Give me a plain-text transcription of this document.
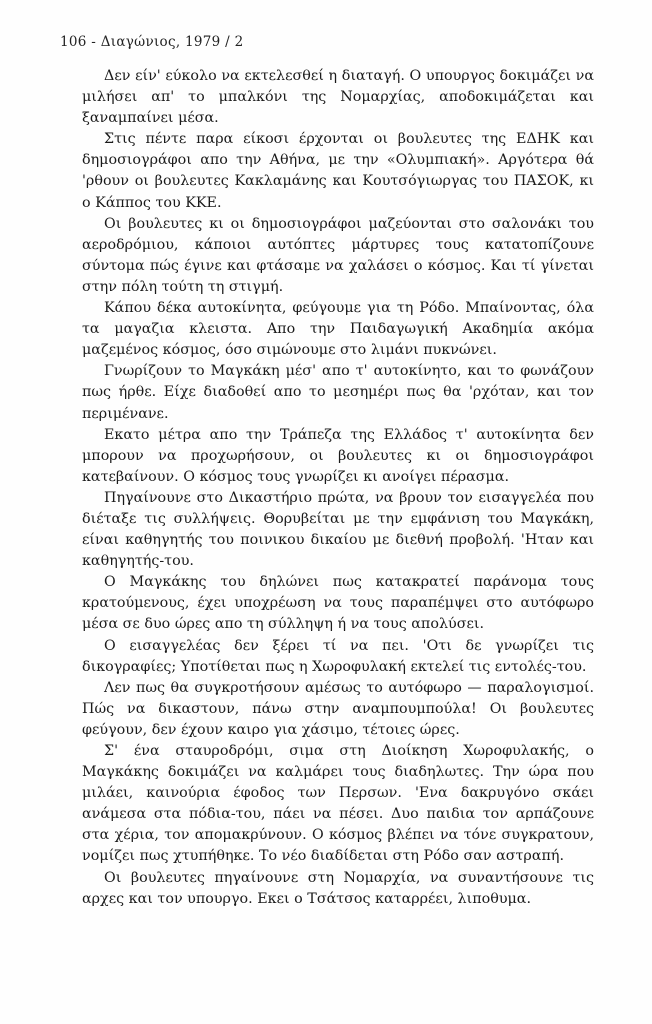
106 - Διαγώνιος, 1979 / 2

Δεν είν' εύκολο να εκτελεσθεί η διαταγή. Ο υπουργος δοκιμάζει να μιλήσει απ' το μπαλκόνι της Νομαρχίας, αποδοκιμάζεται και ξαναμπαίνει μέσα.

Στις πέντε παρα είκοσι έρχονται οι βουλευτες της ΕΔΗΚ και δημοσιογράφοι απο την Αθήνα, με την «Ολυμπιακή». Αργότερα θά 'ρθουν οι βουλευτες Κακλαμάνης και Κουτσόγιωργας του ΠΑΣΟΚ, κι ο Κάππος του ΚΚΕ.

Οι βουλευτες κι οι δημοσιογράφοι μαζεύονται στο σαλονάκι του αεροδρόμιου, κάποιοι αυτόπτες μάρτυρες τους κατατοπίζουνε σύντομα πώς έγινε και φτάσαμε να χαλάσει ο κόσμος. Και τί γίνεται στην πόλη τούτη τη στιγμή.

Κάπου δέκα αυτοκίνητα, φεύγουμε για τη Ρόδο. Μπαίνοντας, όλα τα μαγαζια κλειστα. Απο την Παιδαγωγική Ακαδημία ακόμα μαζεμένος κόσμος, όσο σιμώνουμε στο λιμάνι πυκνώνει.

Γνωρίζουν το Μαγκάκη μέσ' απο τ' αυτοκίνητο, και το φωνάζουν πως ήρθε. Είχε διαδοθεί απο το μεσημέρι πως θα 'ρχόταν, και τον περιμένανε.

Εκατο μέτρα απο την Τράπεζα της Ελλάδος τ' αυτοκίνητα δεν μπορουν να προχωρήσουν, οι βουλευτες κι οι δημοσιογράφοι κατεβαίνουν. Ο κόσμος τους γνωρίζει κι ανοίγει πέρασμα.

Πηγαίνουνε στο Δικαστήριο πρώτα, να βρουν τον εισαγγελέα που διέταξε τις συλλήψεις. Θορυβείται με την εμφάνιση του Μαγκάκη, είναι καθηγητής του ποινικου δικαίου με διεθνή προβολή. 'Ηταν και καθηγητής-του.

Ο Μαγκάκης του δηλώνει πως κατακρατεί παράνομα τους κρατούμενους, έχει υποχρέωση να τους παραπέμψει στο αυτόφωρο μέσα σε δυο ώρες απο τη σύλληψη ή να τους απολύσει.

Ο εισαγγελέας δεν ξέρει τί να πει. 'Οτι δε γνωρίζει τις δικογραφίες; Υποτίθεται πως η Χωροφυλακή εκτελεί τις εντολές-του.

Λεν πως θα συγκροτήσουν αμέσως το αυτόφωρο — παραλογισμοί. Πώς να δικαστουν, πάνω στην αναμπουμπούλα! Οι βουλευτες φεύγουν, δεν έχουν καιρο για χάσιμο, τέτοιες ώρες.

Σ' ένα σταυροδρόμι, σιμα στη Διοίκηση Χωροφυλακής, ο Μαγκάκης δοκιμάζει να καλμάρει τους διαδηλωτες. Την ώρα που μιλάει, καινούρια έφοδος των Περσων. 'Ενα δακρυγόνο σκάει ανάμεσα στα πόδια-του, πάει να πέσει. Δυο παιδια τον αρπάζουνε στα χέρια, τον απομακρύνουν. Ο κόσμος βλέπει να τόνε συγκρατουν, νομίζει πως χτυπήθηκε. Το νέο διαδίδεται στη Ρόδο σαν αστραπή.

Οι βουλευτες πηγαίνουνε στη Νομαρχία, να συναντήσουνε τις αρχες και τον υπουργο. Εκει ο Τσάτσος καταρρέει, λιποθυμα.
